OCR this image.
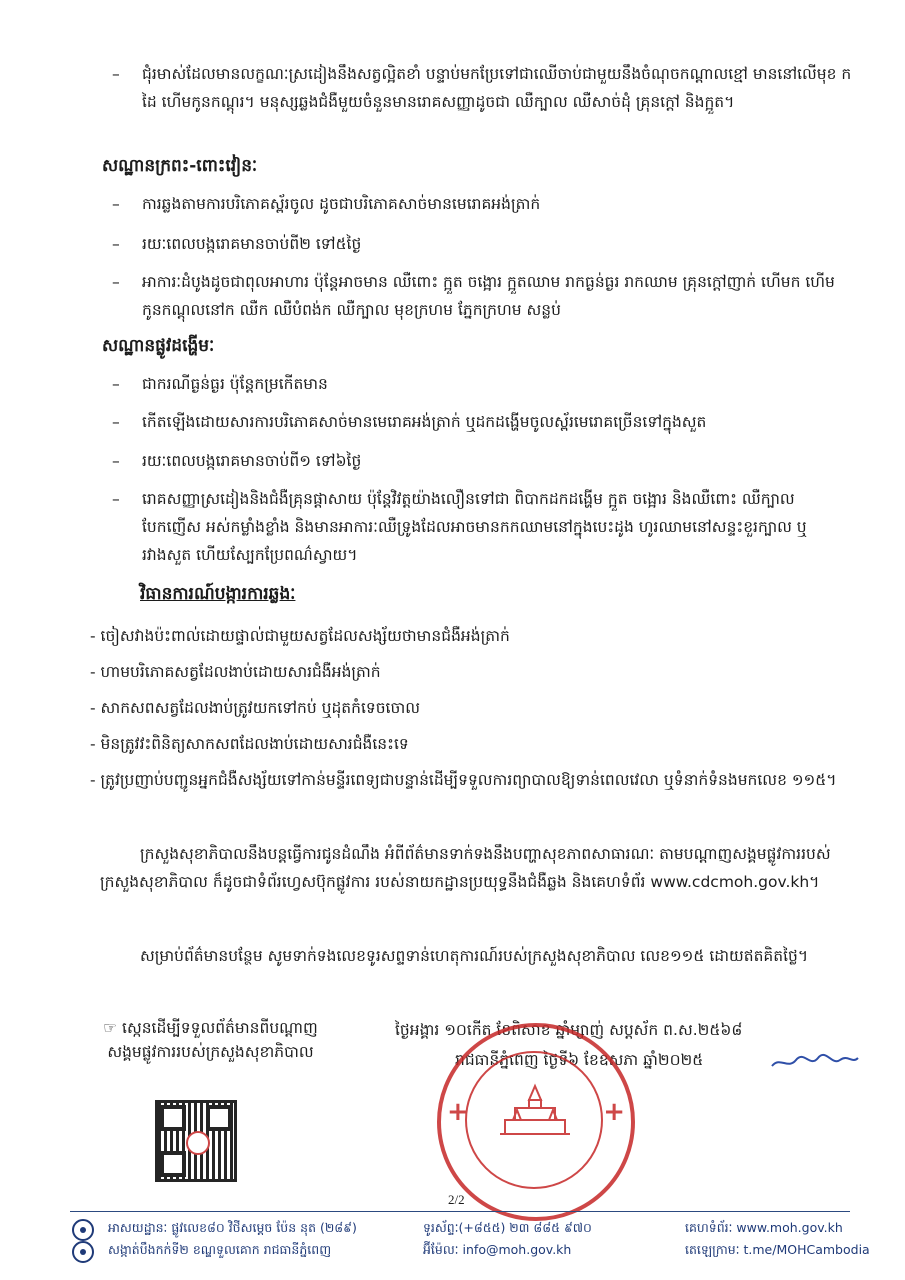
– ជុំរមាស់ដែលមានលក្ខណៈស្រដៀងនឹងសត្វល្អិតខាំ បន្ទាប់មកប្រែទៅជាឈើចាប់ជាមួយនឹងចំណុចកណ្តាលខ្មៅ មាននៅលើមុខ ក ដៃ ហើមកូនកណ្តុរ។ មនុស្សឆ្លងជំងឺមួយចំនួនមានរោគសញ្ញាដូចជា ឈឺក្បាល ឈឺសាច់ដុំ គ្រុនក្តៅ និងក្អួត។
សណ្ឋានក្រពះ-ពោះវៀនៈ
– ការឆ្លងតាមការបរិភោគស្ព័រចូល ដូចជាបរិភោគសាច់មានមេរោគអង់ត្រាក់
– រយៈពេលបង្ករោគមានចាប់ពី២ ទៅ៥ថ្ងៃ
– អាការៈដំបូងដូចជាពុលអាហារ ប៉ុន្តែអាចមាន ឈឺពោះ ក្អួត ចង្អោរ ក្អួតឈាម រាកធ្ងន់ធ្ងរ រាកឈាម គ្រុនក្តៅញាក់ ហើមក ហើមកូនកណ្តុលនៅក ឈឺក ឈឺបំពង់ក ឈឺក្បាល មុខក្រហម ភ្នែកក្រហម សន្លប់
សណ្ឋានផ្លូវដង្ហើមៈ
– ជាករណីធ្ងន់ធ្ងរ ប៉ុន្តែកម្រកើតមាន
– កើតឡើងដោយសារការបរិភោគសាច់មានមេរោគអង់ត្រាក់ ឬដកដង្ហើមចូលស្ព័រមេរោគច្រើនទៅក្នុងសួត
– រយៈពេលបង្ករោគមានចាប់ពី១ ទៅ៦ថ្ងៃ
– រោគសញ្ញាស្រដៀងនិងជំងឺគ្រុនផ្តាសាយ ប៉ុន្តែវិវត្តយ៉ាងលឿនទៅជា ពិបាកដកដង្ហើម ក្អួត ចង្អោរ និងឈឺពោះ ឈឺក្បាល បែកញើស អស់កម្លាំងខ្លាំង និងមានអាការៈឈឺទ្រូងដែលអាចមានកកឈាមនៅក្នុងបេះដូង ហូរឈាមនៅសន្ទះខួរក្បាល ឬរវាងសួត ហើយស្បែកប្រែពណ៌ស្វាយ។
វិធានការណ៍បង្ការការឆ្លងៈ
- ចៀសវាងប៉ះពាល់ដោយផ្ទាល់ជាមួយសត្វដែលសង្ស័យថាមានជំងឺអង់ត្រាក់
- ហាមបរិភោគសត្វដែលងាប់ដោយសារជំងឺអង់ត្រាក់
- សាកសពសត្វដែលងាប់ត្រូវយកទៅកប់ ឬដុតកំទេចចោល
- មិនត្រូវវះពិនិត្យសាកសពដែលងាប់ដោយសារជំងឺនេះទេ
- ត្រូវប្រញាប់បញ្ជូនអ្នកជំងឺសង្ស័យទៅកាន់មន្ទីរពេទ្យជាបន្ទាន់ដើម្បីទទួលការព្យាបាលឱ្យទាន់ពេលវេលា ឬទំនាក់ទំនងមកលេខ ១១៥។
ក្រសួងសុខាភិបាលនឹងបន្តធ្វើការជូនដំណឹង អំពីព័ត៌មានទាក់ទងនឹងបញ្ហាសុខភាពសាធារណៈ តាមបណ្តាញសង្គមផ្លូវការរបស់ក្រសួងសុខាភិបាល ក៏ដូចជាទំព័រហ្វេសប៊ុកផ្លូវការ របស់នាយកដ្ឋានប្រយុទ្ធនឹងជំងឺឆ្លង និងគេហទំព័រ www.cdcmoh.gov.kh។
សម្រាប់ព័ត៌មានបន្ថែម សូមទាក់ទងលេខទូរសព្ទទាន់ហេតុការណ៍របស់ក្រសួងសុខាភិបាល លេខ១១៥ ដោយឥតគិតថ្លៃ។
☞ ស្កេនដើម្បីទទួលព័ត៌មានពីបណ្តាញសង្គមផ្លូវការរបស់ក្រសួងសុខាភិបាល
ថ្ងៃអង្គារ ១០កើត ខែពិសាខ ឆ្នាំម្សាញ់ សប្តស័ក ព.ស.២៥៦៨
រាជធានីភ្នំពេញ ថ្ងៃទី៦ ខែឧសភា ឆ្នាំ២០២៥
+	+
2/2
អាសយដ្ឋានៈ ផ្លូវលេខ៨០ វិថីសម្តេច ប៉ែន នុត (២៨៩)
សង្កាត់បឹងកក់ទី២ ខណ្ឌទួលគោក រាជធានីភ្នំពេញ
ទូរស័ព្ទៈ(+៨៥៥) ២៣ ៨៨៥ ៩៧០
អ៊ីម៉ែលៈ info@moh.gov.kh
គេហទំព័រៈ www.moh.gov.kh
តេឡេក្រាមៈ t.me/MOHCambodia
